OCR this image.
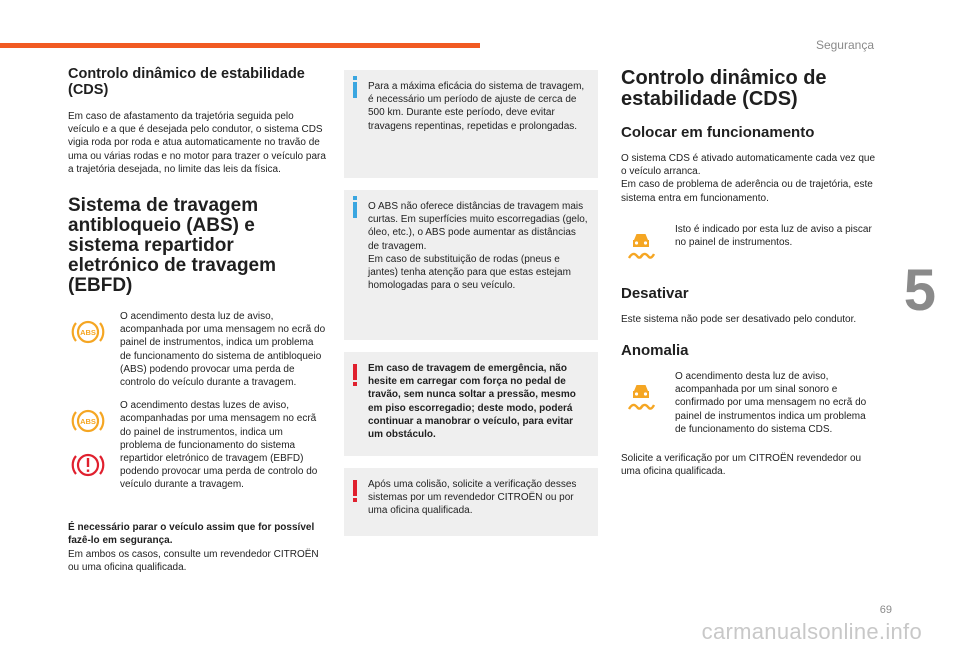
Segurança
5
Controlo dinâmico de estabilidade (CDS)

Em caso de afastamento da trajetória seguida pelo veículo e a que é desejada pelo condutor, o sistema CDS vigia roda por roda e atua automaticamente no travão de uma ou várias rodas e no motor para trazer o veículo para a trajetória desejada, no limite das leis da física.

Sistema de travagem antibloqueio (ABS) e sistema repartidor eletrónico de travagem (EBFD)
ABS

O acendimento desta luz de aviso, acompanhada por uma mensagem no ecrã do painel de instrumentos, indica um problema de funcionamento do sistema de antibloqueio (ABS) podendo provocar uma perda de controlo do veículo durante a travagem.

ABS

O acendimento destas luzes de aviso, acompanhadas por uma mensagem no ecrã do painel de instrumentos, indica um problema de funcionamento do sistema repartidor eletrónico de travagem (EBFD) podendo provocar uma perda de controlo do veículo durante a travagem.

É necessário parar o veículo assim que for possível fazê-lo em segurança.

Em ambos os casos, consulte um revendedor CITROËN ou uma oficina qualificada.

Para a máxima eficácia do sistema de travagem, é necessário um período de ajuste de cerca de 500 km. Durante este período, deve evitar travagens repentinas, repetidas e prolongadas.
O ABS não oferece distâncias de travagem mais curtas. Em superfícies muito escorregadias (gelo, óleo, etc.), o ABS pode aumentar as distâncias de travagem.
Em caso de substituição de rodas (pneus e jantes) tenha atenção para que estas estejam homologadas para o seu veículo.
Em caso de travagem de emergência, não hesite em carregar com força no pedal de travão, sem nunca soltar a pressão, mesmo em piso escorregadio; deste modo, poderá continuar a manobrar o veículo, para evitar um obstáculo.
Após uma colisão, solicite a verificação desses sistemas por um revendedor CITROËN ou por uma oficina qualificada.
Controlo dinâmico de estabilidade (CDS)
Colocar em funcionamento

O sistema CDS é ativado automaticamente cada vez que o veículo arranca.

Em caso de problema de aderência ou de trajetória, este sistema entra em funcionamento.

Isto é indicado por esta luz de aviso a piscar no painel de instrumentos.

Desativar

Este sistema não pode ser desativado pelo condutor.

Anomalia

O acendimento desta luz de aviso, acompanhada por um sinal sonoro e confirmado por uma mensagem no ecrã do painel de instrumentos indica um problema de funcionamento do sistema CDS.

Solicite a verificação por um CITROËN revendedor ou uma oficina qualificada.

69
carmanualsonline.info
